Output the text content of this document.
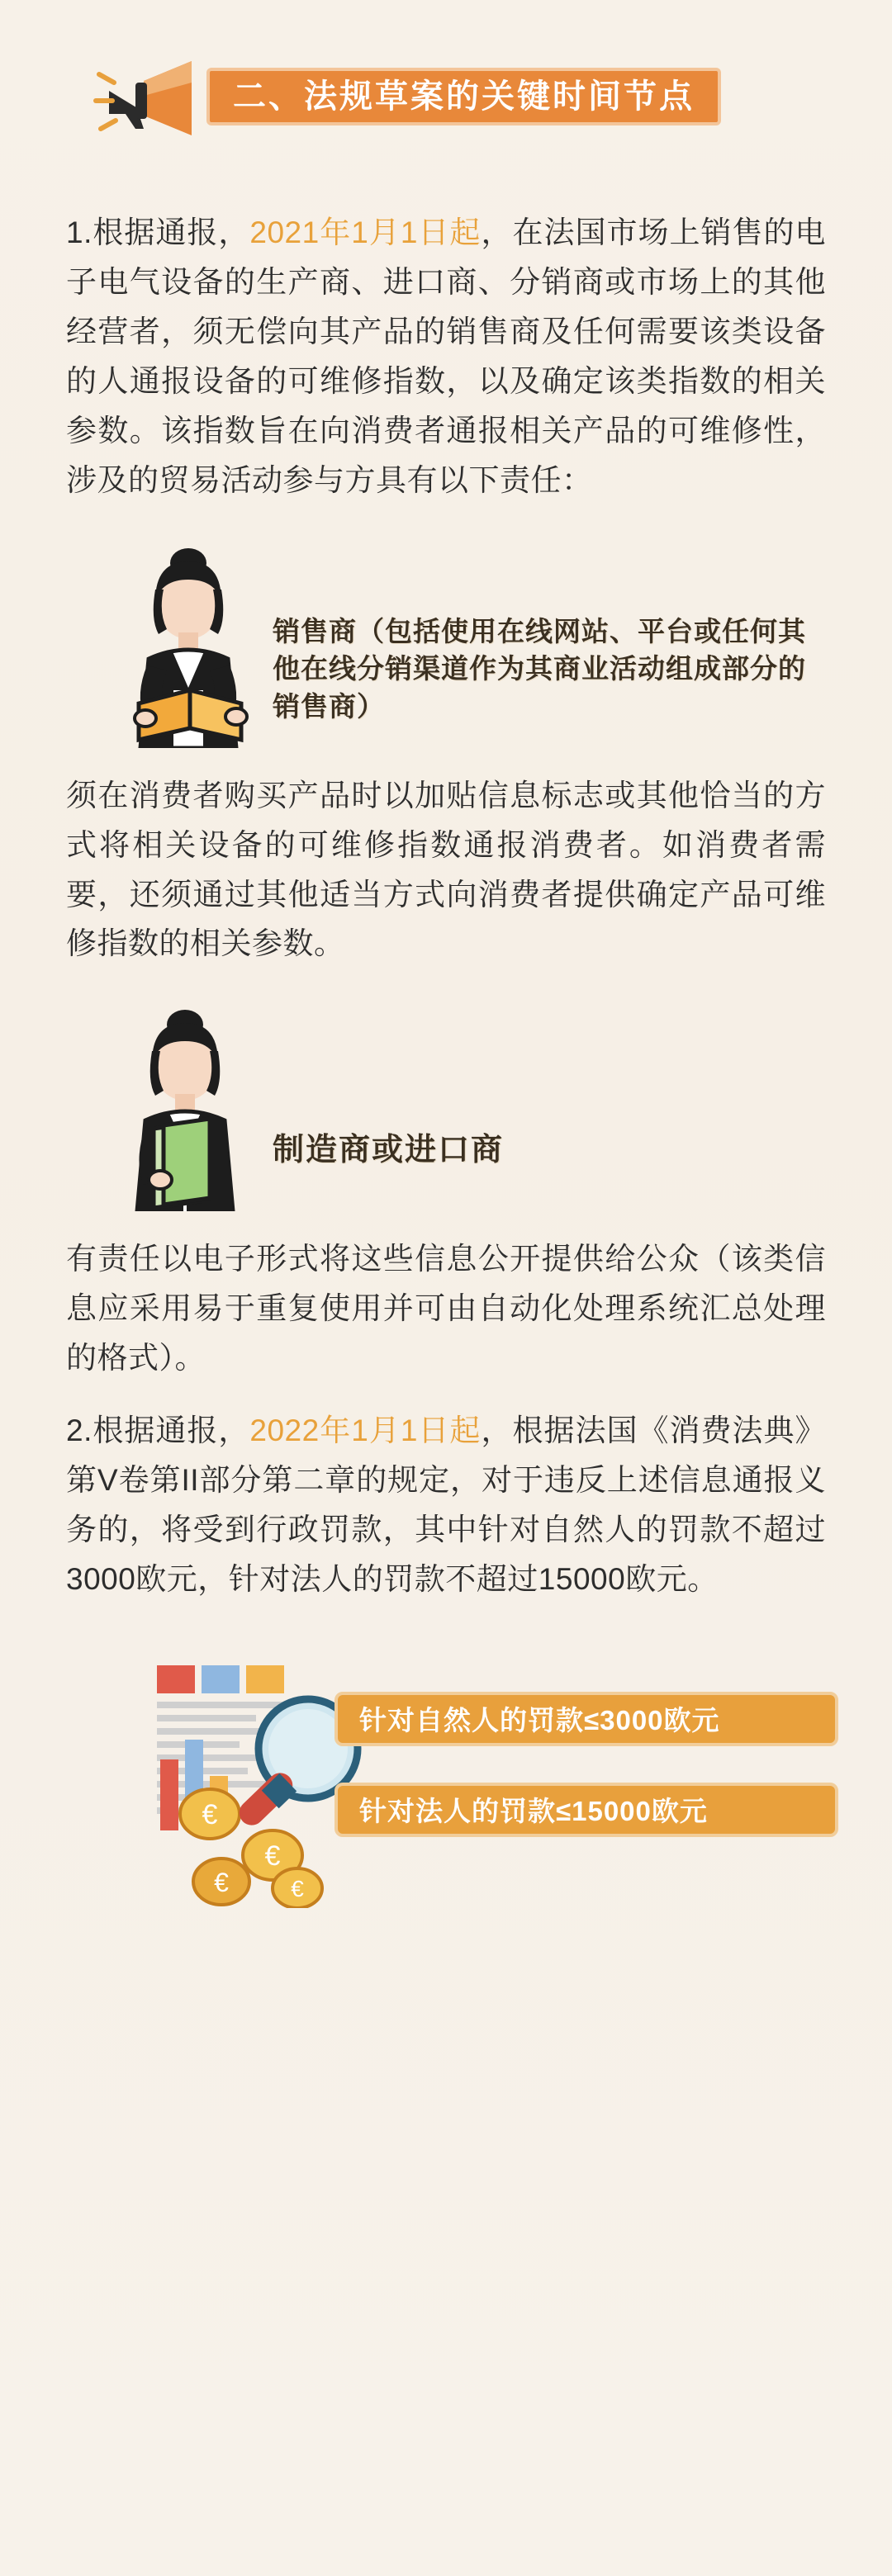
二、法规草案的关键时间节点

1.根据通报，2021年1月1日起，在法国市场上销售的电子电气设备的生产商、进口商、分销商或市场上的其他经营者，须无偿向其产品的销售商及任何需要该类设备的人通报设备的可维修指数，以及确定该类指数的相关参数。该指数旨在向消费者通报相关产品的可维修性，涉及的贸易活动参与方具有以下责任：

销售商（包括使用在线网站、平台或任何其他在线分销渠道作为其商业活动组成部分的销售商）

须在消费者购买产品时以加贴信息标志或其他恰当的方式将相关设备的可维修指数通报消费者。如消费者需要，还须通过其他适当方式向消费者提供确定产品可维修指数的相关参数。

制造商或进口商

有责任以电子形式将这些信息公开提供给公众（该类信息应采用易于重复使用并可由自动化处理系统汇总处理的格式）。

2.根据通报，2022年1月1日起，根据法国《消费法典》第V卷第II部分第二章的规定，对于违反上述信息通报义务的，将受到行政罚款，其中针对自然人的罚款不超过3000欧元，针对法人的罚款不超过15000欧元。

€
€
€	€
针对自然人的罚款≤3000欧元
针对法人的罚款≤15000欧元
